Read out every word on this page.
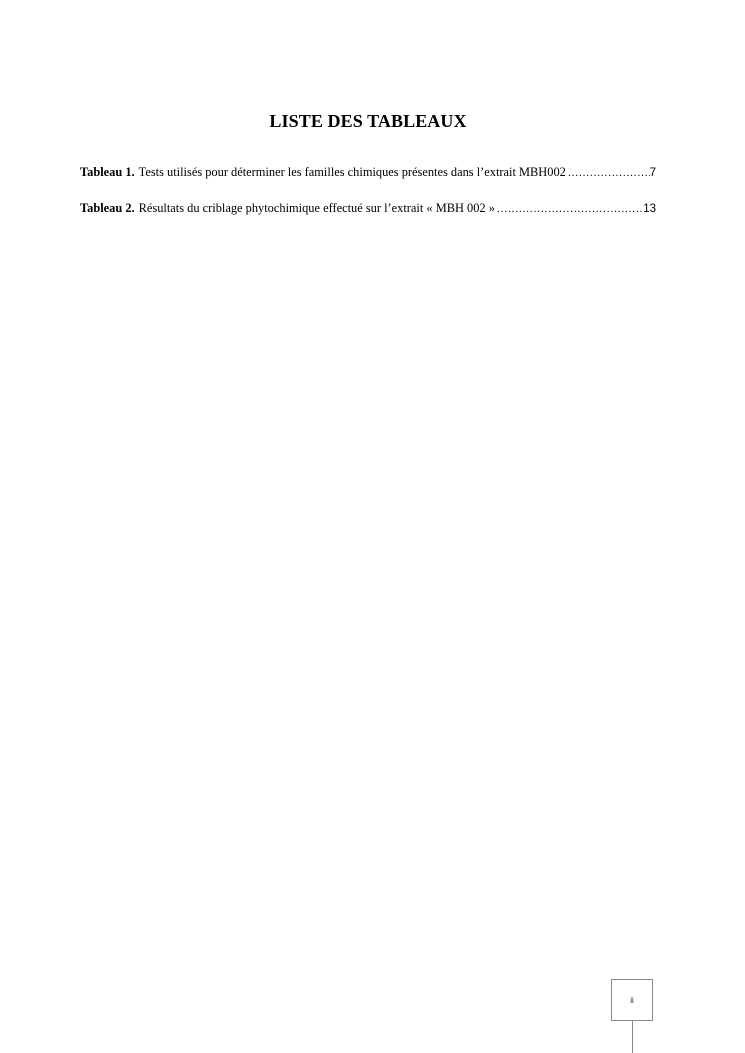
LISTE DES TABLEAUX
Tableau 1. Tests utilisés pour déterminer les familles chimiques présentes dans l’extrait MBH002 .....	7
Tableau 2. Résultats du criblage phytochimique effectué sur l’extrait « MBH 002 » .....	13
ii
